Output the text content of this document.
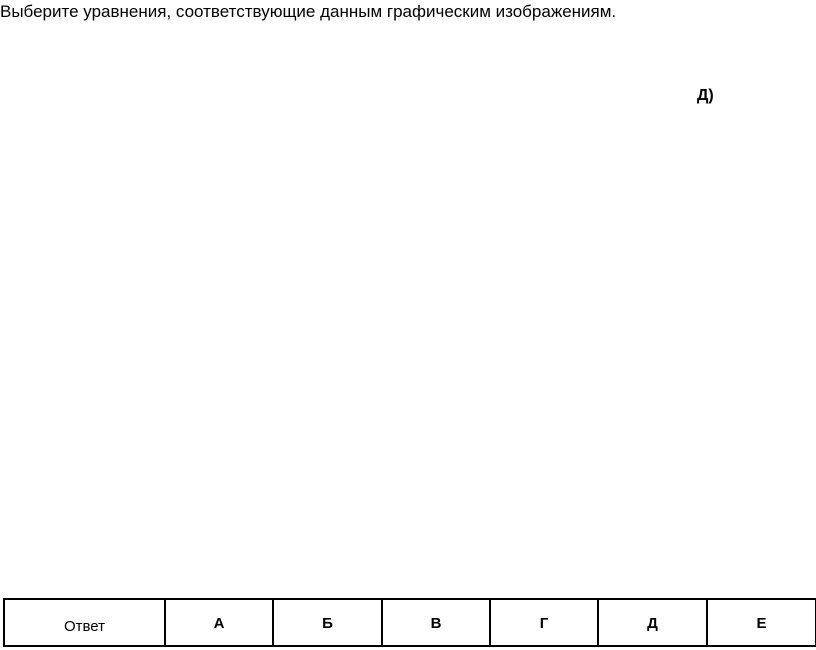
Выберите уравнения, соответствующие данным графическим изображениям.
Д)
Ответ	А	Б	В	Г	Д	Е
